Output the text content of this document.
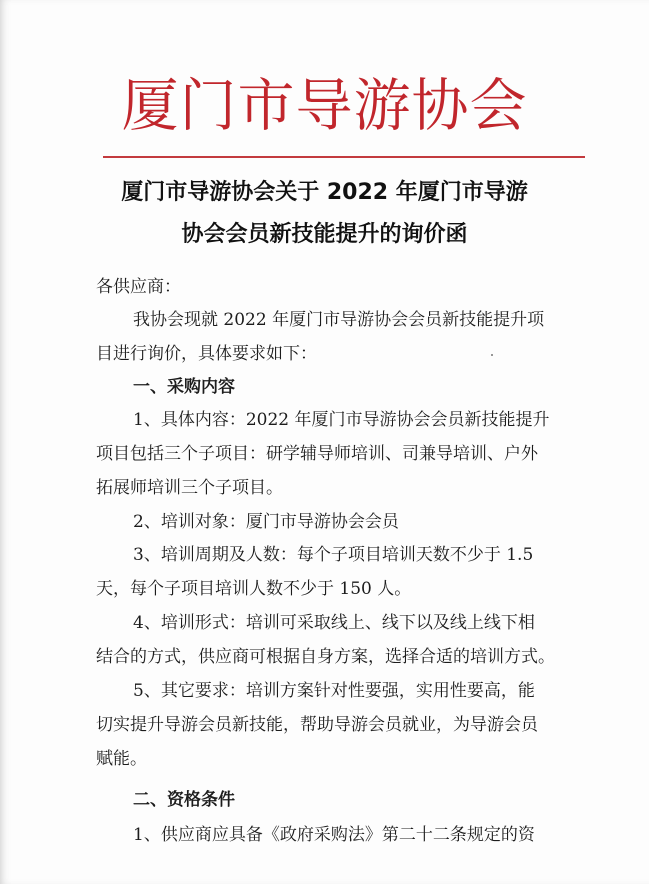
厦门市导游协会
厦门市导游协会关于 2022 年厦门市导游
协会会员新技能提升的询价函
各供应商：
我协会现就 2022 年厦门市导游协会会员新技能提升项
目进行询价，具体要求如下：
一、采购内容
1、具体内容：2022 年厦门市导游协会会员新技能提升
项目包括三个子项目：研学辅导师培训、司兼导培训、户外
拓展师培训三个子项目。
2、培训对象：厦门市导游协会会员
3、培训周期及人数：每个子项目培训天数不少于 1.5
天，每个子项目培训人数不少于 150 人。
4、培训形式：培训可采取线上、线下以及线上线下相
结合的方式，供应商可根据自身方案，选择合适的培训方式。
5、其它要求：培训方案针对性要强，实用性要高，能
切实提升导游会员新技能，帮助导游会员就业，为导游会员
赋能。
二、资格条件
1、供应商应具备《政府采购法》第二十二条规定的资
